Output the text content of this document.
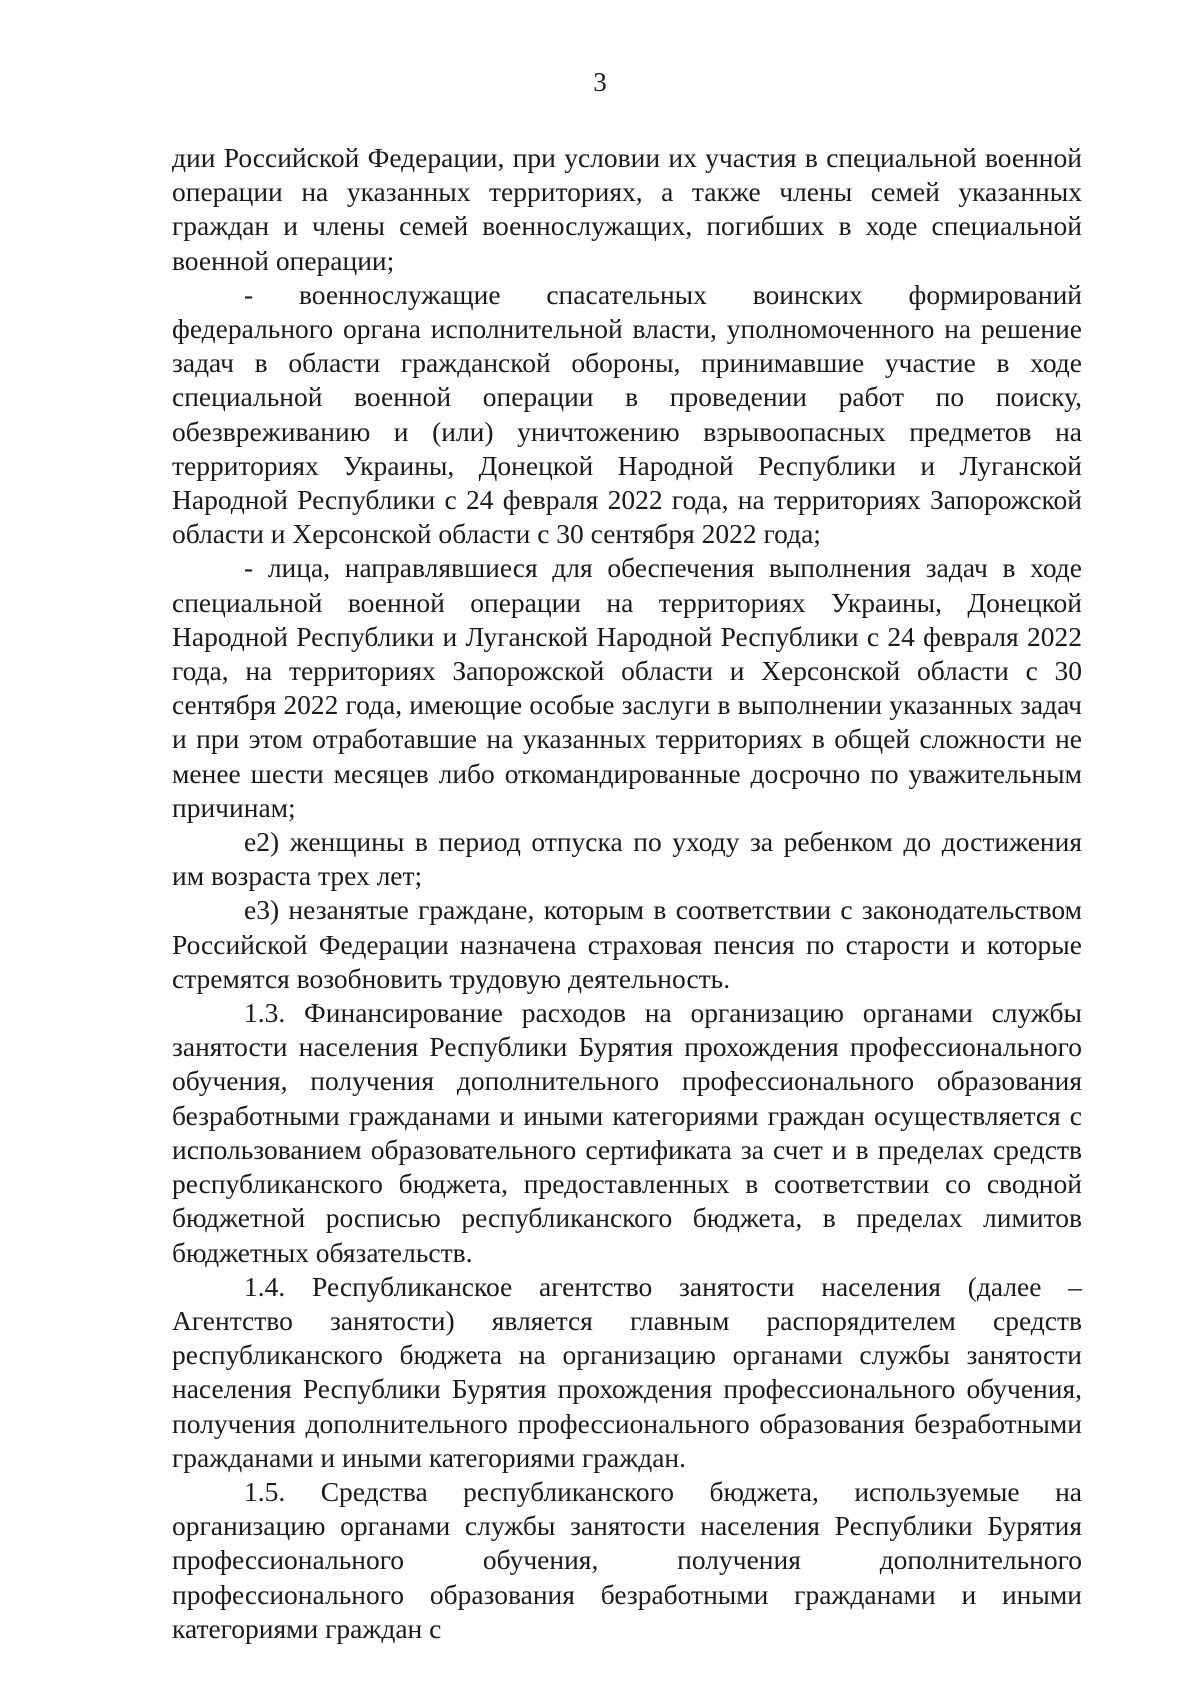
3

дии Российской Федерации, при условии их участия в специальной военной операции на указанных территориях, а также члены семей указанных граждан и члены семей военнослужащих, погибших в ходе специальной военной операции;

- военнослужащие спасательных воинских формирований федерального органа исполнительной власти, уполномоченного на решение задач в области гражданской обороны, принимавшие участие в ходе специальной военной операции в проведении работ по поиску, обезвреживанию и (или) уничтожению взрывоопасных предметов на территориях Украины, Донецкой Народной Республики и Луганской Народной Республики с 24 февраля 2022 года, на территориях Запорожской области и Херсонской области с 30 сентября 2022 года;

- лица, направлявшиеся для обеспечения выполнения задач в ходе специальной военной операции на территориях Украины, Донецкой Народной Республики и Луганской Народной Республики с 24 февраля 2022 года, на территориях Запорожской области и Херсонской области с 30 сентября 2022 года, имеющие особые заслуги в выполнении указанных задач и при этом отработавшие на указанных территориях в общей сложности не менее шести месяцев либо откомандированные досрочно по уважительным причинам;

е2) женщины в период отпуска по уходу за ребенком до достижения им возраста трех лет;

е3) незанятые граждане, которым в соответствии с законодательством Российской Федерации назначена страховая пенсия по старости и которые стремятся возобновить трудовую деятельность.

1.3. Финансирование расходов на организацию органами службы занятости населения Республики Бурятия прохождения профессионального обучения, получения дополнительного профессионального образования безработными гражданами и иными категориями граждан осуществляется с использованием образовательного сертификата за счет и в пределах средств республиканского бюджета, предоставленных в соответствии со сводной бюджетной росписью республиканского бюджета, в пределах лимитов бюджетных обязательств.

1.4. Республиканское агентство занятости населения (далее – Агентство занятости) является главным распорядителем средств республиканского бюджета на организацию органами службы занятости населения Республики Бурятия прохождения профессионального обучения, получения дополнительного профессионального образования безработными гражданами и иными категориями граждан.

1.5. Средства республиканского бюджета, используемые на организацию органами службы занятости населения Республики Бурятия профессионального обучения, получения дополнительного профессионального образования безработными гражданами и иными категориями граждан с
